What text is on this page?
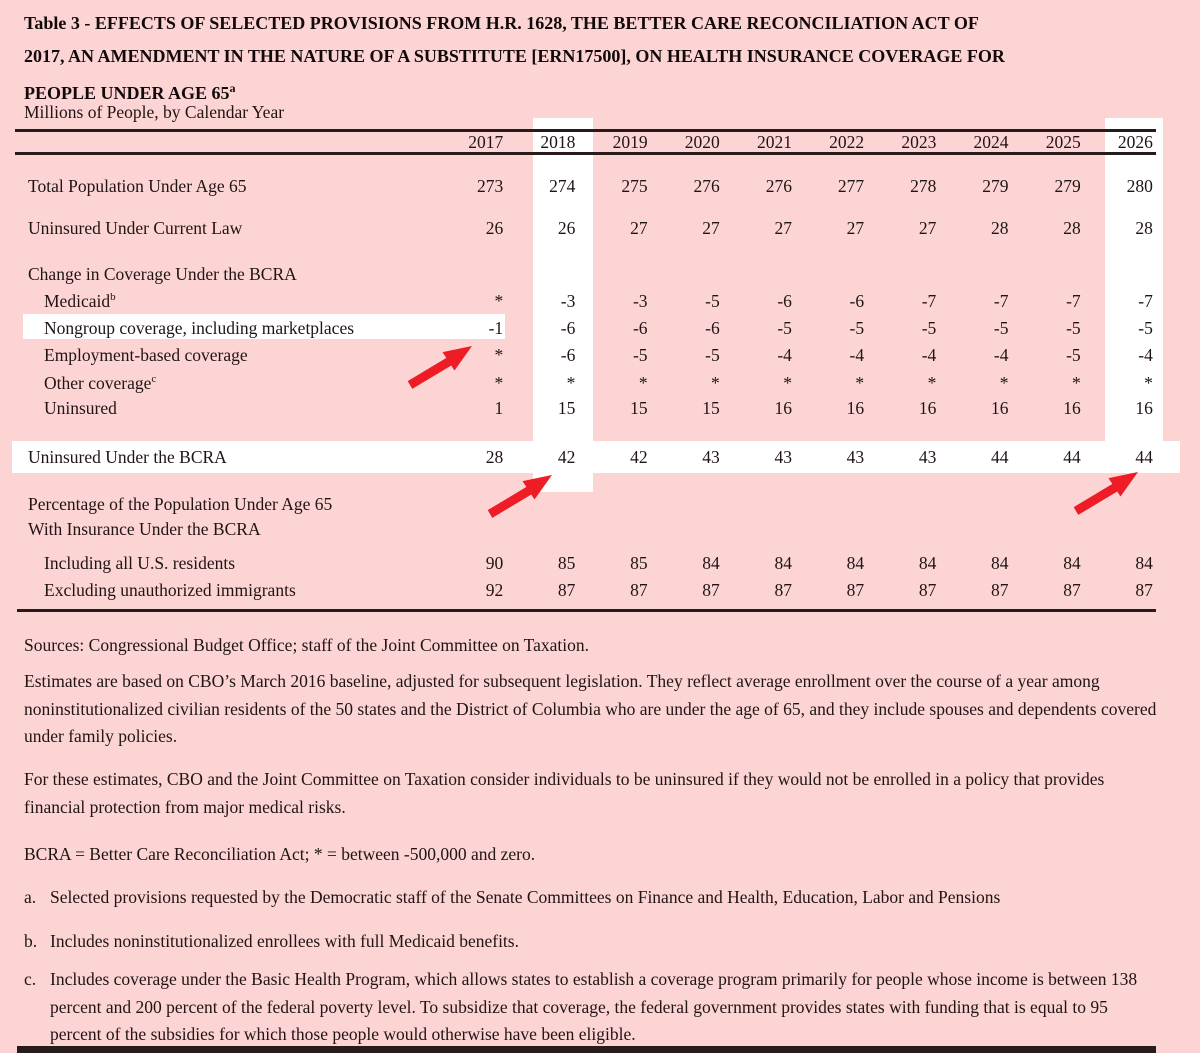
Table 3 - EFFECTS OF SELECTED PROVISIONS FROM H.R. 1628, THE BETTER CARE RECONCILIATION ACT OF
2017, AN AMENDMENT IN THE NATURE OF A SUBSTITUTE [ERN17500], ON HEALTH INSURANCE COVERAGE FOR
PEOPLE UNDER AGE 65$^a$
Millions of People, by Calendar Year
2017	2018	2019	2020	2021	2022	2023	2024	2025	2026
Total Population Under Age 65	273	274	275	276	276	277	278	279	279	280
Uninsured Under Current Law	26	26	27	27	27	27	27	28	28	28
Change in Coverage Under the BCRA
Medicaid$^b$	*	-3	-3	-5	-6	-6	-7	-7	-7	-7
Nongroup coverage, including marketplaces	-1	-6	-6	-6	-5	-5	-5	-5	-5	-5
Employment-based coverage	*	-6	-5	-5	-4	-4	-4	-4	-5	-4
Other coverage$^c$	*	*	*	*	*	*	*	*	*	*
Uninsured	1	15	15	15	16	16	16	16	16	16
Uninsured Under the BCRA	28	42	42	43	43	43	43	44	44	44
Percentage of the Population Under Age 65
With Insurance Under the BCRA
Including all U.S. residents	90	85	85	84	84	84	84	84	84	84
Excluding unauthorized immigrants	92	87	87	87	87	87	87	87	87	87
Sources: Congressional Budget Office; staff of the Joint Committee on Taxation.
Estimates are based on CBO’s March 2016 baseline, adjusted for subsequent legislation. They reflect average enrollment over the course of a year among noninstitutionalized civilian residents of the 50 states and the District of Columbia who are under the age of 65, and they include spouses and dependents covered under family policies.
For these estimates, CBO and the Joint Committee on Taxation consider individuals to be uninsured if they would not be enrolled in a policy that provides financial protection from major medical risks.
BCRA = Better Care Reconciliation Act; * = between -500,000 and zero.
a. Selected provisions requested by the Democratic staff of the Senate Committees on Finance and Health, Education, Labor and Pensions
b. Includes noninstitutionalized enrollees with full Medicaid benefits.
c. Includes coverage under the Basic Health Program, which allows states to establish a coverage program primarily for people whose income is between 138 percent and 200 percent of the federal poverty level. To subsidize that coverage, the federal government provides states with funding that is equal to 95 percent of the subsidies for which those people would otherwise have been eligible.
